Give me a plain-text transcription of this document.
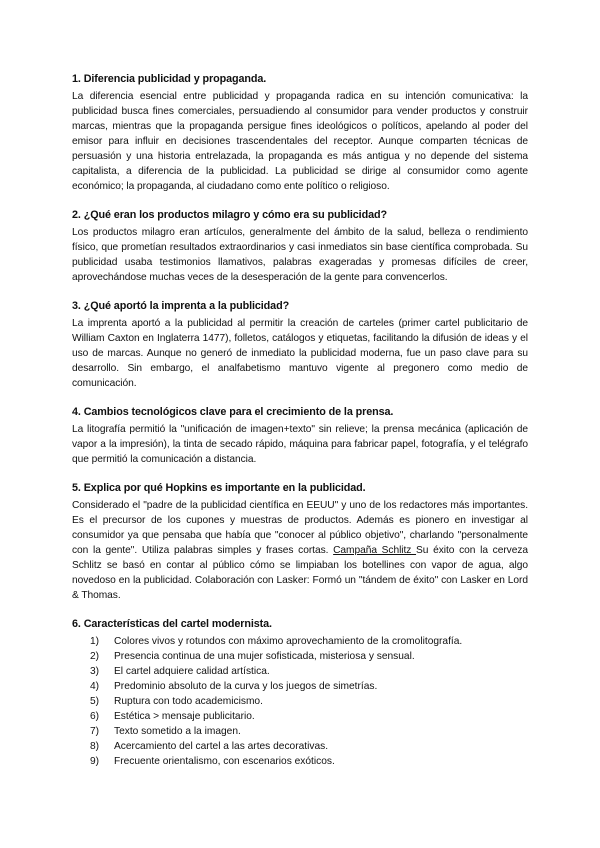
1. Diferencia publicidad y propaganda.

La diferencia esencial entre publicidad y propaganda radica en su intención comunicativa: la publicidad busca fines comerciales, persuadiendo al consumidor para vender productos y construir marcas, mientras que la propaganda persigue fines ideológicos o políticos, apelando al poder del emisor para influir en decisiones trascendentales del receptor. Aunque comparten técnicas de persuasión y una historia entrelazada, la propaganda es más antigua y no depende del sistema capitalista, a diferencia de la publicidad. La publicidad se dirige al consumidor como agente económico; la propaganda, al ciudadano como ente político o religioso.

2. ¿Qué eran los productos milagro y cómo era su publicidad?

Los productos milagro eran artículos, generalmente del ámbito de la salud, belleza o rendimiento físico, que prometían resultados extraordinarios y casi inmediatos sin base científica comprobada. Su publicidad usaba testimonios llamativos, palabras exageradas y promesas difíciles de creer, aprovechándose muchas veces de la desesperación de la gente para convencerlos.

3. ¿Qué aportó la imprenta a la publicidad?

La imprenta aportó a la publicidad al permitir la creación de carteles (primer cartel publicitario de William Caxton en Inglaterra 1477), folletos, catálogos y etiquetas, facilitando la difusión de ideas y el uso de marcas. Aunque no generó de inmediato la publicidad moderna, fue un paso clave para su desarrollo. Sin embargo, el analfabetismo mantuvo vigente al pregonero como medio de comunicación.

4. Cambios tecnológicos clave para el crecimiento de la prensa.

La litografía permitió la "unificación de imagen+texto" sin relieve; la prensa mecánica (aplicación de vapor a la impresión), la tinta de secado rápido, máquina para fabricar papel, fotografía, y el telégrafo que permitió la comunicación a distancia.

5. Explica por qué Hopkins es importante en la publicidad.

Considerado el "padre de la publicidad científica en EEUU" y uno de los redactores más importantes. Es el precursor de los cupones y muestras de productos. Además es pionero en investigar al consumidor ya que pensaba que había que "conocer al público objetivo", charlando "personalmente con la gente". Utiliza palabras simples y frases cortas. Campaña Schlitz Su éxito con la cerveza Schlitz se basó en contar al público cómo se limpiaban los botellines con vapor de agua, algo novedoso en la publicidad. Colaboración con Lasker: Formó un "tándem de éxito" con Lasker en Lord & Thomas.

6. Características del cartel modernista.
1)	Colores vivos y rotundos con máximo aprovechamiento de la cromolitografía.
2)	Presencia continua de una mujer sofisticada, misteriosa y sensual.
3)	El cartel adquiere calidad artística.
4)	Predominio absoluto de la curva y los juegos de simetrías.
5)	Ruptura con todo academicismo.
6)	Estética > mensaje publicitario.
7)	Texto sometido a la imagen.
8)	Acercamiento del cartel a las artes decorativas.
9)	Frecuente orientalismo, con escenarios exóticos.
